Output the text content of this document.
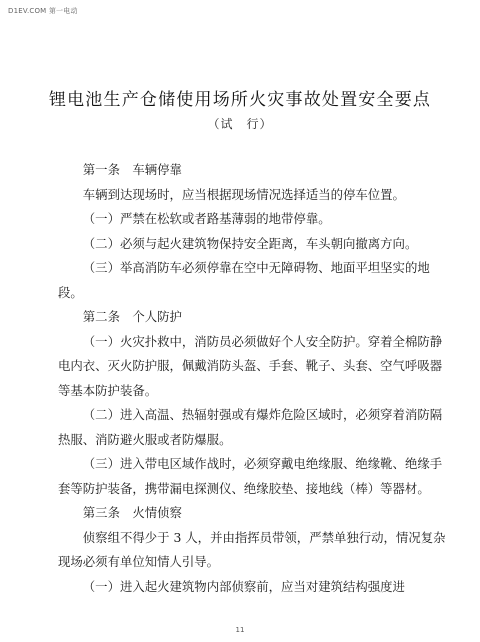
D1EV.COM 第一电动
锂电池生产仓储使用场所火灾事故处置安全要点
（试　行）

第一条　车辆停靠

车辆到达现场时，应当根据现场情况选择适当的停车位置。

（一）严禁在松软或者路基薄弱的地带停靠。

（二）必须与起火建筑物保持安全距离，车头朝向撤离方向。

（三）举高消防车必须停靠在空中无障碍物、地面平坦坚实的地段。

第二条　个人防护

（一）火灾扑救中，消防员必须做好个人安全防护。穿着全棉防静电内衣、灭火防护服，佩戴消防头盔、手套、靴子、头套、空气呼吸器等基本防护装备。

（二）进入高温、热辐射强或有爆炸危险区域时，必须穿着消防隔热服、消防避火服或者防爆服。

（三）进入带电区域作战时，必须穿戴电绝缘服、绝缘靴、绝缘手套等防护装备，携带漏电探测仪、绝缘胶垫、接地线（棒）等器材。

第三条　火情侦察

侦察组不得少于 3 人，并由指挥员带领，严禁单独行动，情况复杂现场必须有单位知情人引导。

（一）进入起火建筑物内部侦察前，应当对建筑结构强度进

11
